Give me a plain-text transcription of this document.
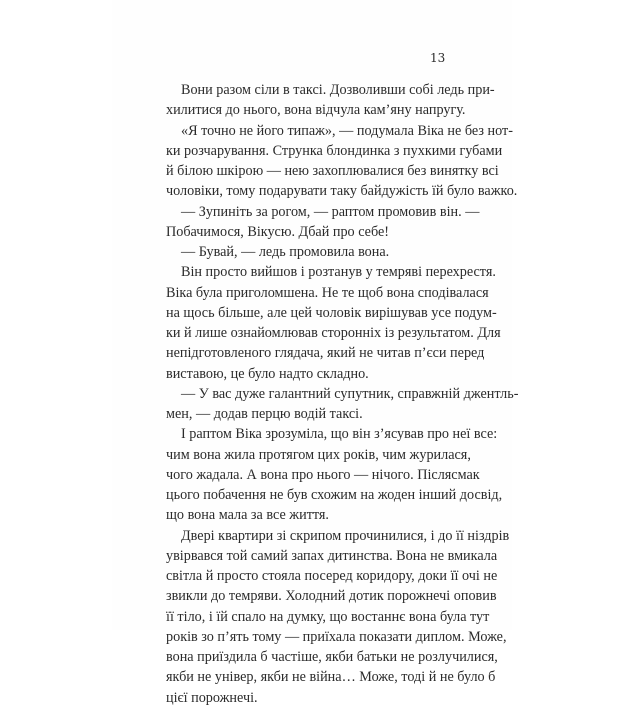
13
Вони разом сіли в таксі. Дозволивши собі ледь при-
хилитися до нього, вона відчула кам’яну напругу.
«Я точно не його типаж», — подумала Віка не без нот-
ки розчарування. Струнка блондинка з пухкими губами
й білою шкірою — нею захоплювалися без винятку всі
чоловіки, тому подарувати таку байдужість їй було важко.
— Зупиніть за рогом, — раптом промовив він. —
Побачимося, Вікусю. Дбай про себе!
— Бувай, — ледь промовила вона.
Він просто вийшов і розтанув у темряві перехрестя.
Віка була приголомшена. Не те щоб вона сподівалася
на щось більше, але цей чоловік вирішував усе подум-
ки й лише ознайомлював сторонніх із результатом. Для
непідготовленого глядача, який не читав п’єси перед
виставою, це було надто складно.
— У вас дуже галантний супутник, справжній джентль-
мен, — додав перцю водій таксі.
І раптом Віка зрозуміла, що він з’ясував про неї все:
чим вона жила протягом цих років, чим журилася,
чого жадала. А вона про нього — нічого. Післясмак
цього побачення не був схожим на жоден інший досвід,
що вона мала за все життя.
Двері квартири зі скрипом прочинилися, і до її ніздрів
увірвався той самий запах дитинства. Вона не вмикала
світла й просто стояла посеред коридору, доки її очі не
звикли до темряви. Холодний дотик порожнечі оповив
її тіло, і їй спало на думку, що востаннє вона була тут
років зо п’ять тому — приїхала показати диплом. Може,
вона приїздила б частіше, якби батьки не розлучилися,
якби не універ, якби не війна… Може, тоді й не було б
цієї порожнечі.
